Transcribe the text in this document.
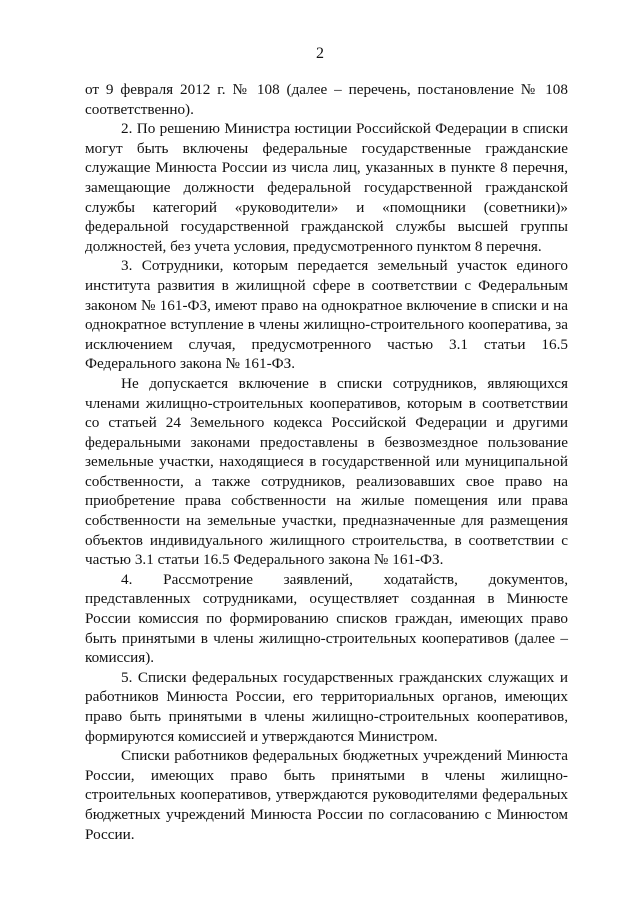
2

от 9 февраля 2012 г. № 108 (далее – перечень, постановление № 108 соответственно).

2. По решению Министра юстиции Российской Федерации в списки могут быть включены федеральные государственные гражданские служащие Минюста России из числа лиц, указанных в пункте 8 перечня, замещающие должности федеральной государственной гражданской службы категорий «руководители» и «помощники (советники)» федеральной государственной гражданской службы высшей группы должностей, без учета условия, предусмотренного пунктом 8 перечня.

3. Сотрудники, которым передается земельный участок единого института развития в жилищной сфере в соответствии с Федеральным законом № 161-ФЗ, имеют право на однократное включение в списки и на однократное вступление в члены жилищно-строительного кооператива, за исключением случая, предусмотренного частью 3.1 статьи 16.5 Федерального закона № 161-ФЗ.

Не допускается включение в списки сотрудников, являющихся членами жилищно-строительных кооперативов, которым в соответствии со статьей 24 Земельного кодекса Российской Федерации и другими федеральными законами предоставлены в безвозмездное пользование земельные участки, находящиеся в государственной или муниципальной собственности, а также сотрудников, реализовавших свое право на приобретение права собственности на жилые помещения или права собственности на земельные участки, предназначенные для размещения объектов индивидуального жилищного строительства, в соответствии с частью 3.1 статьи 16.5 Федерального закона № 161-ФЗ.

4. Рассмотрение заявлений, ходатайств, документов, представленных сотрудниками, осуществляет созданная в Минюсте России комиссия по формированию списков граждан, имеющих право быть принятыми в члены жилищно-строительных кооперативов (далее – комиссия).

5. Списки федеральных государственных гражданских служащих и работников Минюста России, его территориальных органов, имеющих право быть принятыми в члены жилищно-строительных кооперативов, формируются комиссией и утверждаются Министром.

Списки работников федеральных бюджетных учреждений Минюста России, имеющих право быть принятыми в члены жилищно-строительных кооперативов, утверждаются руководителями федеральных бюджетных учреждений Минюста России по согласованию с Минюстом России.
